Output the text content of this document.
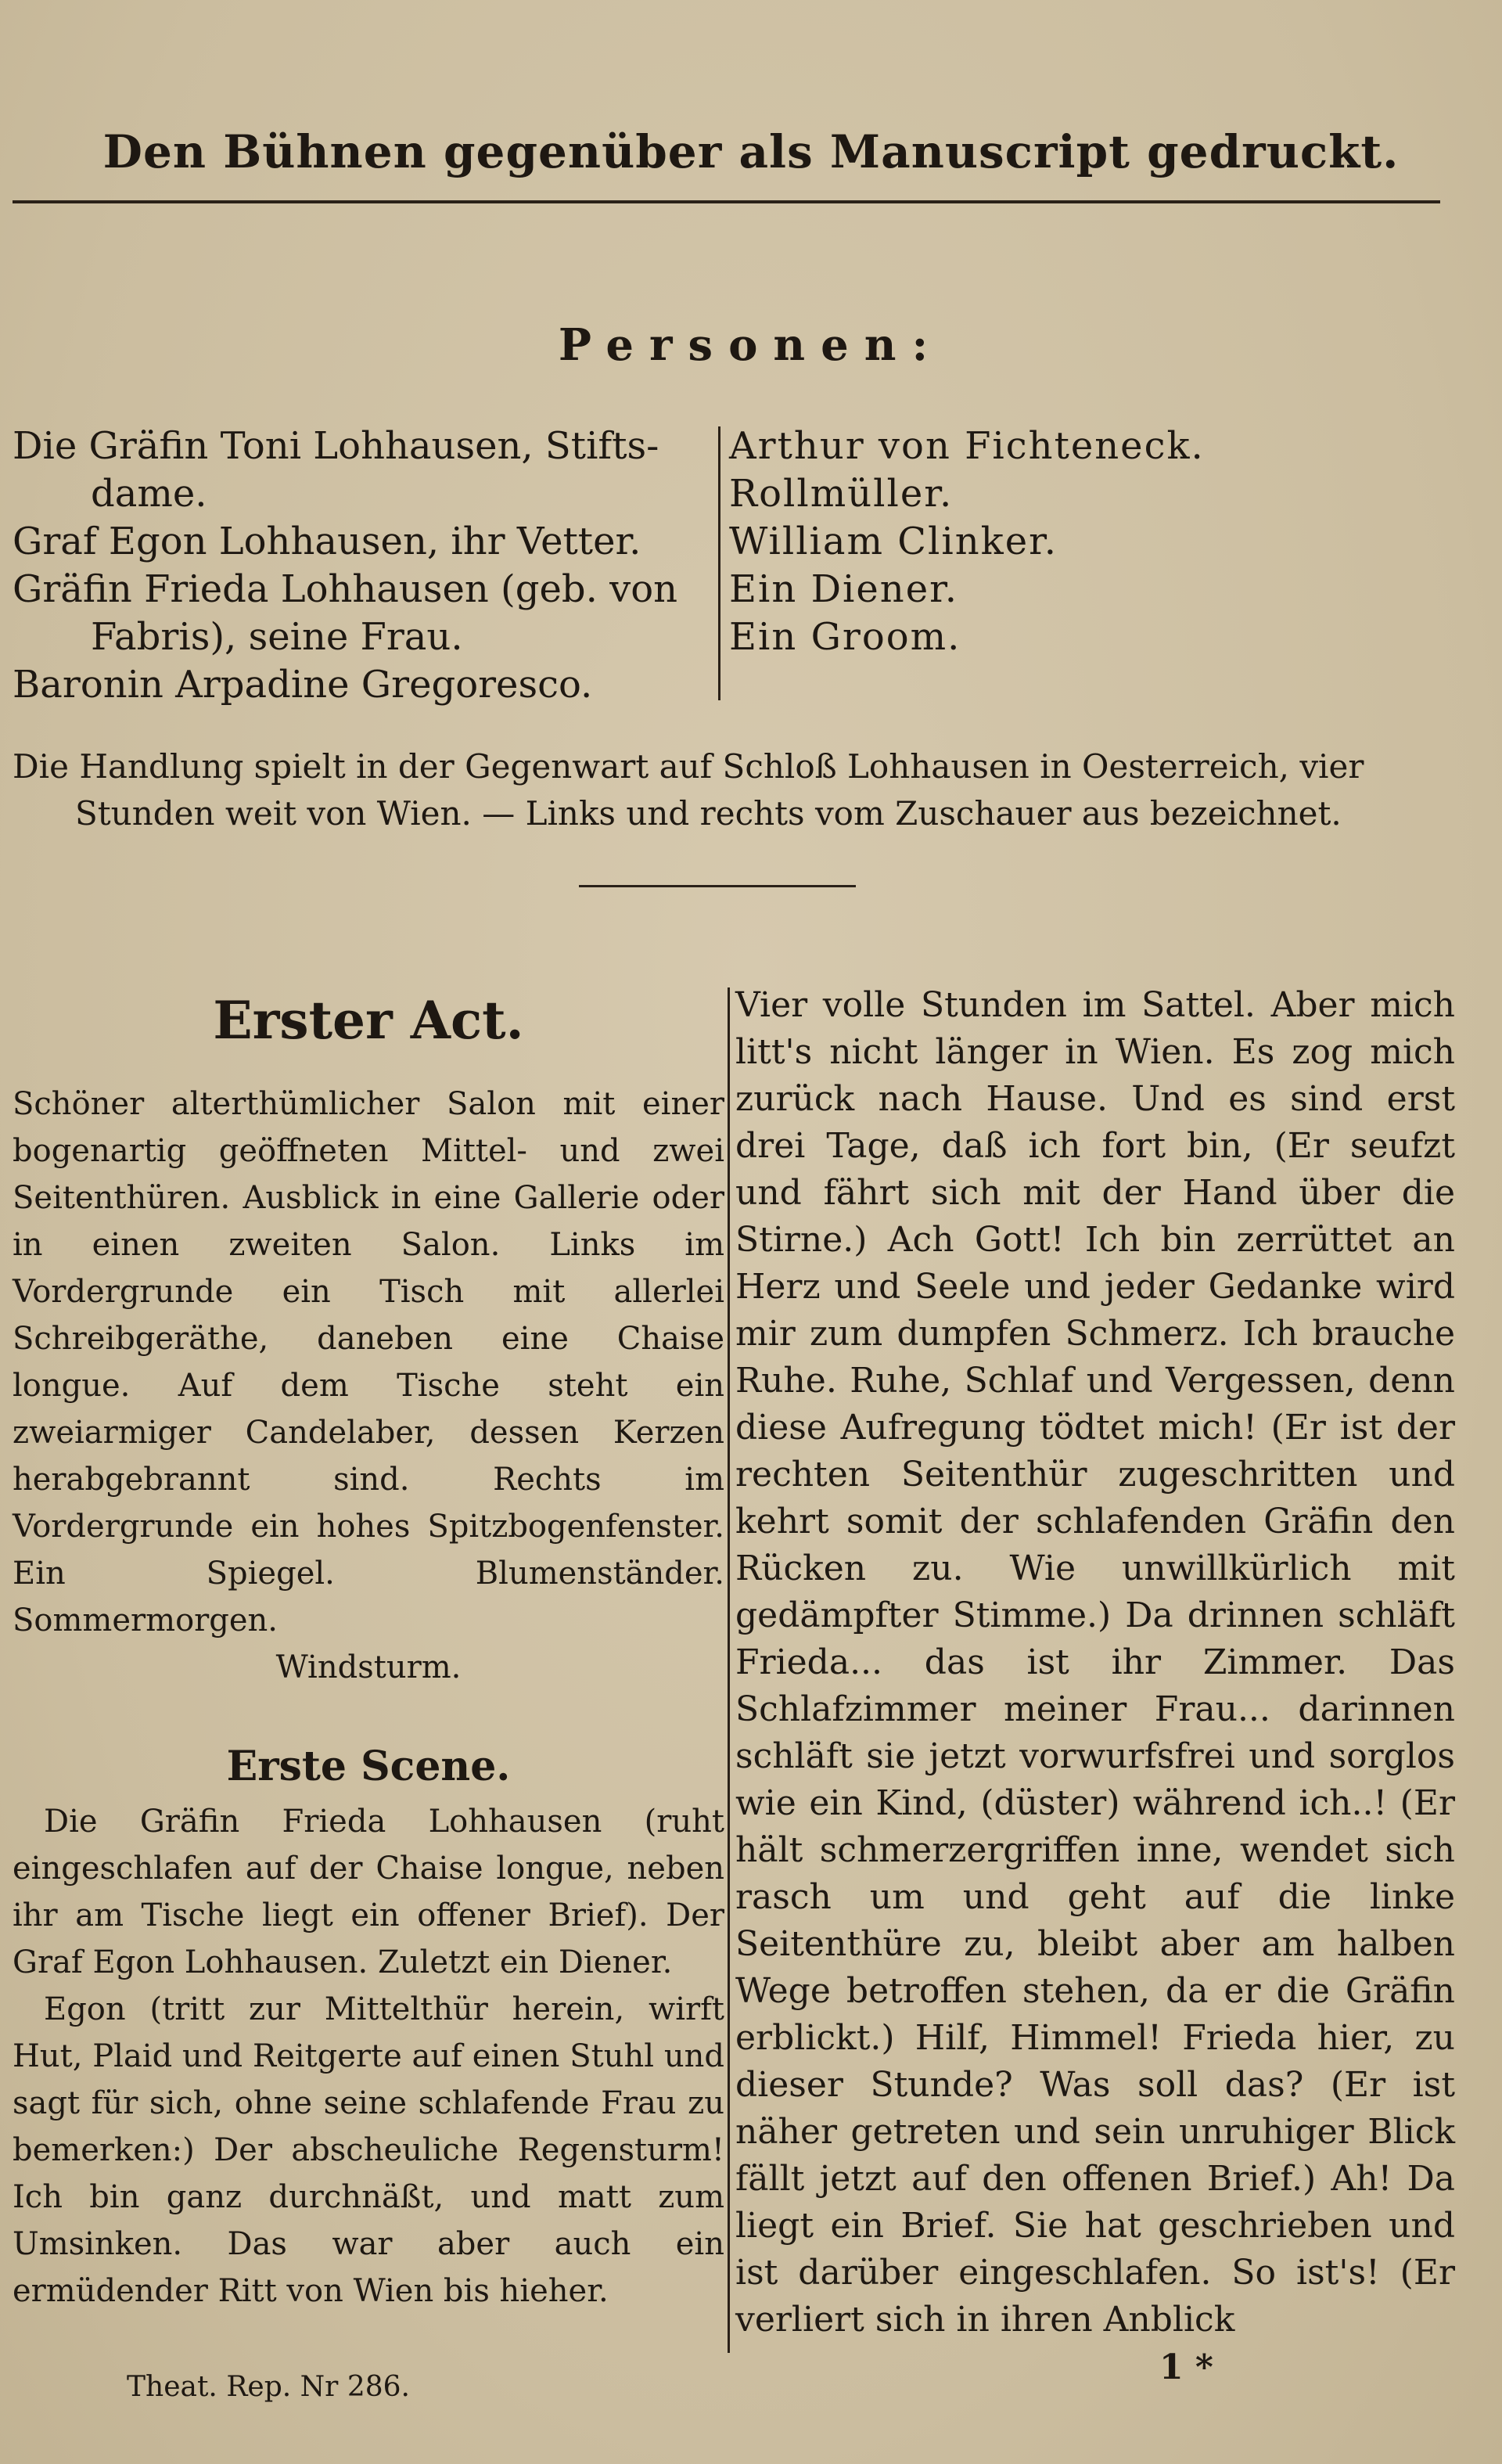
Den Bühnen gegenüber als Manuscript gedruckt.
Personen:
Die Gräfin Toni Lohhausen, Stifts-
dame.
Graf Egon Lohhausen, ihr Vetter.
Gräfin Frieda Lohhausen (geb. von
Fabris), seine Frau.
Baronin Arpadine Gregoresco.
Arthur von Fichteneck.
Rollmüller.
William Clinker.
Ein Diener.
Ein Groom.
Die Handlung spielt in der Gegenwart auf Schloß Lohhausen in Oesterreich, vier
Stunden weit von Wien. — Links und rechts vom Zuschauer aus bezeichnet.
Erster Act.
Schöner alterthümlicher Salon mit einer bogenartig geöffneten Mittel- und zwei Seitenthüren. Ausblick in eine Gallerie oder in einen zweiten Salon. Links im Vordergrunde ein Tisch mit allerlei Schreibgeräthe, daneben eine Chaise longue. Auf dem Tische steht ein zweiarmiger Candelaber, dessen Kerzen herabgebrannt sind. Rechts im Vordergrunde ein hohes Spitzbogenfenster. Ein Spiegel. Blumenständer. Sommermorgen.
Windsturm.
Erste Scene.
Die Gräfin Frieda Lohhausen (ruht eingeschlafen auf der Chaise longue, neben ihr am Tische liegt ein offener Brief). Der Graf Egon Lohhausen. Zuletzt ein Diener.
Egon (tritt zur Mittelthür herein, wirft Hut, Plaid und Reitgerte auf einen Stuhl und sagt für sich, ohne seine schlafende Frau zu bemerken:) Der abscheuliche Regensturm! Ich bin ganz durchnäßt, und matt zum Umsinken. Das war aber auch ein ermüdender Ritt von Wien bis hieher.
Vier volle Stunden im Sattel. Aber mich litt's nicht länger in Wien. Es zog mich zurück nach Hause. Und es sind erst drei Tage, daß ich fort bin, (Er seufzt und fährt sich mit der Hand über die Stirne.) Ach Gott! Ich bin zerrüttet an Herz und Seele und jeder Gedanke wird mir zum dumpfen Schmerz. Ich brauche Ruhe. Ruhe, Schlaf und Vergessen, denn diese Aufregung tödtet mich! (Er ist der rechten Seitenthür zugeschritten und kehrt somit der schlafenden Gräfin den Rücken zu. Wie unwillkürlich mit gedämpfter Stimme.) Da drinnen schläft Frieda... das ist ihr Zimmer. Das Schlafzimmer meiner Frau... darinnen schläft sie jetzt vorwurfsfrei und sorglos wie ein Kind, (düster) während ich..! (Er hält schmerzergriffen inne, wendet sich rasch um und geht auf die linke Seitenthüre zu, bleibt aber am halben Wege betroffen stehen, da er die Gräfin erblickt.) Hilf, Himmel! Frieda hier, zu dieser Stunde? Was soll das? (Er ist näher getreten und sein unruhiger Blick fällt jetzt auf den offenen Brief.) Ah! Da liegt ein Brief. Sie hat geschrieben und ist darüber eingeschlafen. So ist's! (Er verliert sich in ihren Anblick
Theat. Rep. Nr 286.	1 *
